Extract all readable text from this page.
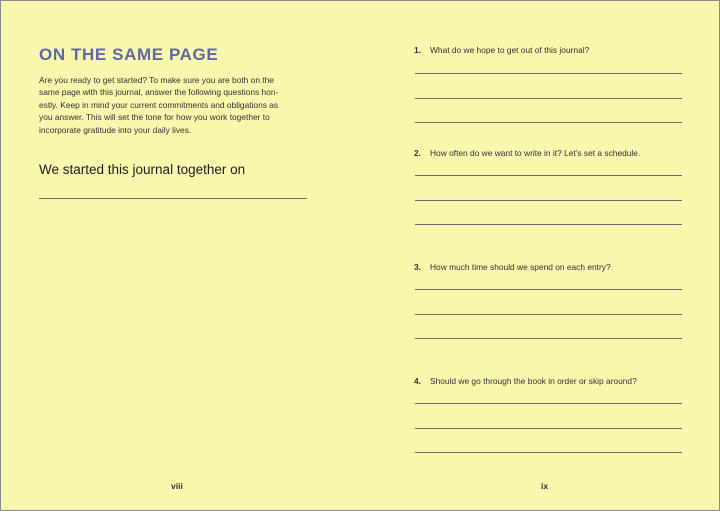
ON THE SAME PAGE

Are you ready to get started? To make sure you are both on the
same page with this journal, answer the following questions hon-
estly. Keep in mind your current commitments and obligations as
you answer. This will set the tone for how you work together to
incorporate gratitude into your daily lives.

We started this journal together on

viii
1. What do we hope to get out of this journal?
2. How often do we want to write in it? Let’s set a schedule.
3. How much time should we spend on each entry?
4. Should we go through the book in order or skip around?
ix
